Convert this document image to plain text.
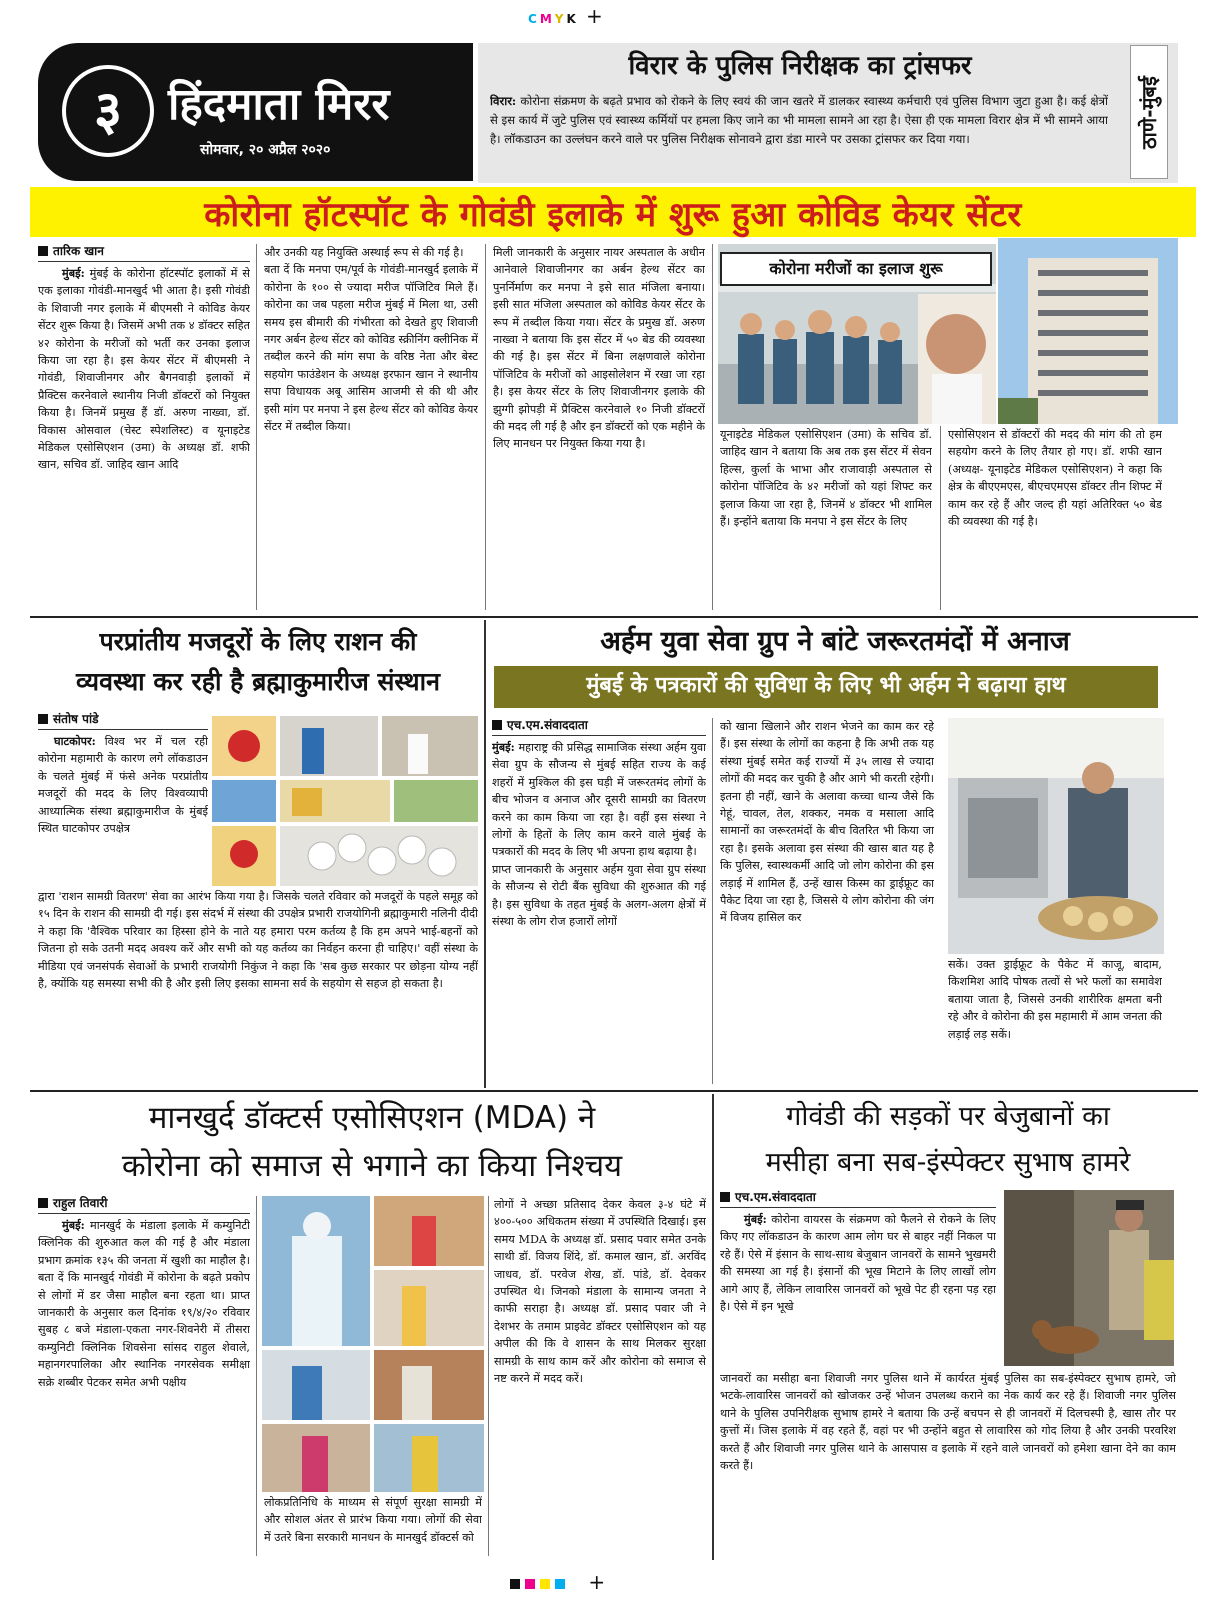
CMYK +
३	हिंदमाता मिरर
सोमवार, २० अप्रैल २०२०
विरार के पुलिस निरीक्षक का ट्रांसफर
विरार: कोरोना संक्रमण के बढ़ते प्रभाव को रोकने के लिए स्वयं की जान खतरे में डालकर स्वास्थ्य कर्मचारी एवं पुलिस विभाग जुटा हुआ है। कई क्षेत्रों से इस कार्य में जुटे पुलिस एवं स्वास्थ्य कर्मियों पर हमला किए जाने का भी मामला सामने आ रहा है। ऐसा ही एक मामला विरार क्षेत्र में भी सामने आया है। लॉकडाउन का उल्लंघन करने वाले पर पुलिस निरीक्षक सोनावने द्वारा डंडा मारने पर उसका ट्रांसफर कर दिया गया।	ठाणे-मुंबई
कोरोना हॉटस्पॉट के गोवंडी इलाके में शुरू हुआ कोविड केयर सेंटर
तारिक खान
मुंबई: मुंबई के कोरोना हॉटस्पॉट इलाकों में से एक इलाका गोवंडी-मानखुर्द भी आता है। इसी गोवंडी के शिवाजी नगर इलाके में बीएमसी ने कोविड केयर सेंटर शुरू किया है। जिसमें अभी तक ४ डॉक्टर सहित ४२ कोरोना के मरीजों को भर्ती कर उनका इलाज किया जा रहा है। इस केयर सेंटर में बीएमसी ने गोवंडी, शिवाजीनगर और बैगनवाड़ी इलाकों में प्रैक्टिस करनेवाले स्थानीय निजी डॉक्टरों को नियुक्त किया है। जिनमें प्रमुख हैं डॉ. अरुण नाख्वा, डॉ. विकास ओसवाल (चेस्ट स्पेशलिस्ट) व यूनाइटेड मेडिकल एसोसिएशन (उमा) के अध्यक्ष डॉ. शफी खान, सचिव डॉ. जाहिद खान आदि
और उनकी यह नियुक्ति अस्थाई रूप से की गई है।
बता दें कि मनपा एम/पूर्व के गोवंडी-मानखुर्द इलाके में कोरोना के १०० से ज्यादा मरीज पॉजिटिव मिले हैं। कोरोना का जब पहला मरीज मुंबई में मिला था, उसी समय इस बीमारी की गंभीरता को देखते हुए शिवाजी नगर अर्बन हेल्थ सेंटर को कोविड स्क्रीनिंग क्लीनिक में तब्दील करने की मांग सपा के वरिष्ठ नेता और बेस्ट सहयोग फाउंडेशन के अध्यक्ष इरफान खान ने स्थानीय सपा विधायक अबू आसिम आजमी से की थी और इसी मांग पर मनपा ने इस हेल्थ सेंटर को कोविड केयर सेंटर में तब्दील किया।
मिली जानकारी के अनुसार नायर अस्पताल के अधीन आनेवाले शिवाजीनगर का अर्बन हेल्थ सेंटर का पुनर्निर्माण कर मनपा ने इसे सात मंजिला बनाया। इसी सात मंजिला अस्पताल को कोविड केयर सेंटर के रूप में तब्दील किया गया। सेंटर के प्रमुख डॉ. अरुण नाख्वा ने बताया कि इस सेंटर में ५० बेड की व्यवस्था की गई है। इस सेंटर में बिना लक्षणवाले कोरोना पॉजिटिव के मरीजों को आइसोलेशन में रखा जा रहा है। इस केयर सेंटर के लिए शिवाजीनगर इलाके की झुग्गी झोपड़ी में प्रैक्टिस करनेवाले १० निजी डॉक्टरों की मदद ली गई है और इन डॉक्टरों को एक महीने के लिए मानधन पर नियुक्त किया गया है।
कोरोना मरीजों का इलाज शुरू
यूनाइटेड मेडिकल एसोसिएशन (उमा) के सचिव डॉ. जाहिद खान ने बताया कि अब तक इस सेंटर में सेवन हिल्स, कुर्ला के भाभा और राजावाड़ी अस्पताल से कोरोना पॉजिटिव के ४२ मरीजों को यहां शिफ्ट कर इलाज किया जा रहा है, जिनमें ४ डॉक्टर भी शामिल हैं। इन्होंने बताया कि मनपा ने इस सेंटर के लिए
एसोसिएशन से डॉक्टरों की मदद की मांग की तो हम सहयोग करने के लिए तैयार हो गए। डॉ. शफी खान (अध्यक्ष- यूनाइटेड मेडिकल एसोसिएशन) ने कहा कि क्षेत्र के बीएएमएस, बीएचएमएस डॉक्टर तीन शिफ्ट में काम कर रहे हैं और जल्द ही यहां अतिरिक्त ५० बेड की व्यवस्था की गई है।
परप्रांतीय मजदूरों के लिए राशन की
व्यवस्था कर रही है ब्रह्माकुमारीज संस्थान
संतोष पांडे
घाटकोपर: विश्व भर में चल रही कोरोना महामारी के कारण लगे लॉकडाउन के चलते मुंबई में फंसे अनेक परप्रांतीय मजदूरों की मदद के लिए विश्वव्यापी आध्यात्मिक संस्था ब्रह्माकुमारीज के मुंबई स्थित घाटकोपर उपक्षेत्र
द्वारा 'राशन सामग्री वितरण' सेवा का आरंभ किया गया है। जिसके चलते रविवार को मजदूरों के पहले समूह को १५ दिन के राशन की सामग्री दी गई। इस संदर्भ में संस्था की उपक्षेत्र प्रभारी राजयोगिनी ब्रह्माकुमारी नलिनी दीदी ने कहा कि 'वैश्विक परिवार का हिस्सा होने के नाते यह हमारा परम कर्तव्य है कि हम अपने भाई-बहनों को जितना हो सके उतनी मदद अवश्य करें और सभी को यह कर्तव्य का निर्वहन करना ही चाहिए।' वहीं संस्था के मीडिया एवं जनसंपर्क सेवाओं के प्रभारी राजयोगी निकुंज ने कहा कि 'सब कुछ सरकार पर छोड़ना योग्य नहीं है, क्योंकि यह समस्या सभी की है और इसी लिए इसका सामना सर्व के सहयोग से सहज हो सकता है।
अर्हम युवा सेवा ग्रुप ने बांटे जरूरतमंदों में अनाज
मुंबई के पत्रकारों की सुविधा के लिए भी अर्हम ने बढ़ाया हाथ
एच.एम.संवाददाता
मुंबई: महाराष्ट्र की प्रसिद्ध सामाजिक संस्था अर्हम युवा सेवा ग्रुप के सौजन्य से मुंबई सहित राज्य के कई शहरों में मुश्किल की इस घड़ी में जरूरतमंद लोगों के बीच भोजन व अनाज और दूसरी सामग्री का वितरण करने का काम किया जा रहा है। वहीं इस संस्था ने लोगों के हितों के लिए काम करने वाले मुंबई के पत्रकारों की मदद के लिए भी अपना हाथ बढ़ाया है।
प्राप्त जानकारी के अनुसार अर्हम युवा सेवा ग्रुप संस्था के सौजन्य से रोटी बैंक सुविधा की शुरुआत की गई है। इस सुविधा के तहत मुंबई के अलग-अलग क्षेत्रों में संस्था के लोग रोज हजारों लोगों
को खाना खिलाने और राशन भेजने का काम कर रहे हैं। इस संस्था के लोगों का कहना है कि अभी तक यह संस्था मुंबई समेत कई राज्यों में ३५ लाख से ज्यादा लोगों की मदद कर चुकी है और आगे भी करती रहेगी। इतना ही नहीं, खाने के अलावा कच्चा धान्य जैसे कि गेहूं, चावल, तेल, शक्कर, नमक व मसाला आदि सामानों का जरूरतमंदों के बीच वितरित भी किया जा रहा है। इसके अलावा इस संस्था की खास बात यह है कि पुलिस, स्वास्थकर्मी आदि जो लोग कोरोना की इस लड़ाई में शामिल हैं, उन्हें खास किस्म का ड्राईफ्रूट का पैकेट दिया जा रहा है, जिससे ये लोग कोरोना की जंग में विजय हासिल कर
सकें। उक्त ड्राईफ्रूट के पैकेट में काजू, बादाम, किशमिश आदि पोषक तत्वों से भरे फलों का समावेश बताया जाता है, जिससे उनकी शारीरिक क्षमता बनी रहे और वे कोरोना की इस महामारी में आम जनता की लड़ाई लड़ सकें।
मानखुर्द डॉक्टर्स एसोसिएशन (MDA) ने
कोरोना को समाज से भगाने का किया निश्चय
राहुल तिवारी
मुंबई: मानखुर्द के मंडाला इलाके में कम्युनिटी क्लिनिक की शुरुआत कल की गई है और मंडाला प्रभाग क्रमांक १३५ की जनता में खुशी का माहौल है। बता दें कि मानखुर्द गोवंडी में कोरोना के बढ़ते प्रकोप से लोगों में डर जैसा माहौल बना रहता था। प्राप्त जानकारी के अनुसार कल दिनांक १९/४/२० रविवार सुबह ८ बजे मंडाला-एकता नगर-शिवनेरी में तीसरा कम्युनिटी क्लिनिक शिवसेना सांसद राहुल शेवाले, महानगरपालिका और स्थानिक नगरसेवक समीक्षा सक्रे शब्बीर पेटकर समेत अभी पक्षीय
लोकप्रतिनिधि के माध्यम से संपूर्ण सुरक्षा सामग्री में और सोशल अंतर से प्रारंभ किया गया। लोगों की सेवा में उतरे बिना सरकारी मानधन के मानखुर्द डॉक्टर्स को
लोगों ने अच्छा प्रतिसाद देकर केवल ३-४ घंटे में ४००-५०० अधिकतम संख्या में उपस्थिति दिखाई। इस समय MDA के अध्यक्ष डॉ. प्रसाद पवार समेत उनके साथी डॉ. विजय शिंदे, डॉ. कमाल खान, डॉ. अरविंद जाधव, डॉ. परवेज शेख, डॉ. पांडे, डॉ. देवकर उपस्थित थे। जिनको मंडाला के सामान्य जनता ने काफी सराहा है। अध्यक्ष डॉ. प्रसाद पवार जी ने देशभर के तमाम प्राइवेट डॉक्टर एसोसिएशन को यह अपील की कि वे शासन के साथ मिलकर सुरक्षा सामग्री के साथ काम करें और कोरोना को समाज से नष्ट करने में मदद करें।
गोवंडी की सड़कों पर बेजुबानों का
मसीहा बना सब-इंस्पेक्टर सुभाष हामरे
एच.एम.संवाददाता
मुंबई: कोरोना वायरस के संक्रमण को फैलने से रोकने के लिए किए गए लॉकडाउन के कारण आम लोग घर से बाहर नहीं निकल पा रहे हैं। ऐसे में इंसान के साथ-साथ बेजुबान जानवरों के सामने भुखमरी की समस्या आ गई है। इंसानों की भूख मिटाने के लिए लाखों लोग आगे आए हैं, लेकिन लावारिस जानवरों को भूखे पेट ही रहना पड़ रहा है। ऐसे में इन भूखे
जानवरों का मसीहा बना शिवाजी नगर पुलिस थाने में कार्यरत मुंबई पुलिस का सब-इंस्पेक्टर सुभाष हामरे, जो भटके-लावारिस जानवरों को खोजकर उन्हें भोजन उपलब्ध कराने का नेक कार्य कर रहे हैं। शिवाजी नगर पुलिस थाने के पुलिस उपनिरीक्षक सुभाष हामरे ने बताया कि उन्हें बचपन से ही जानवरों में दिलचस्पी है, खास तौर पर कुत्तों में। जिस इलाके में वह रहते हैं, वहां पर भी उन्होंने बहुत से लावारिस को गोद लिया है और उनकी परवरिश करते हैं और शिवाजी नगर पुलिस थाने के आसपास व इलाके में रहने वाले जानवरों को हमेशा खाना देने का काम करते हैं।
+
